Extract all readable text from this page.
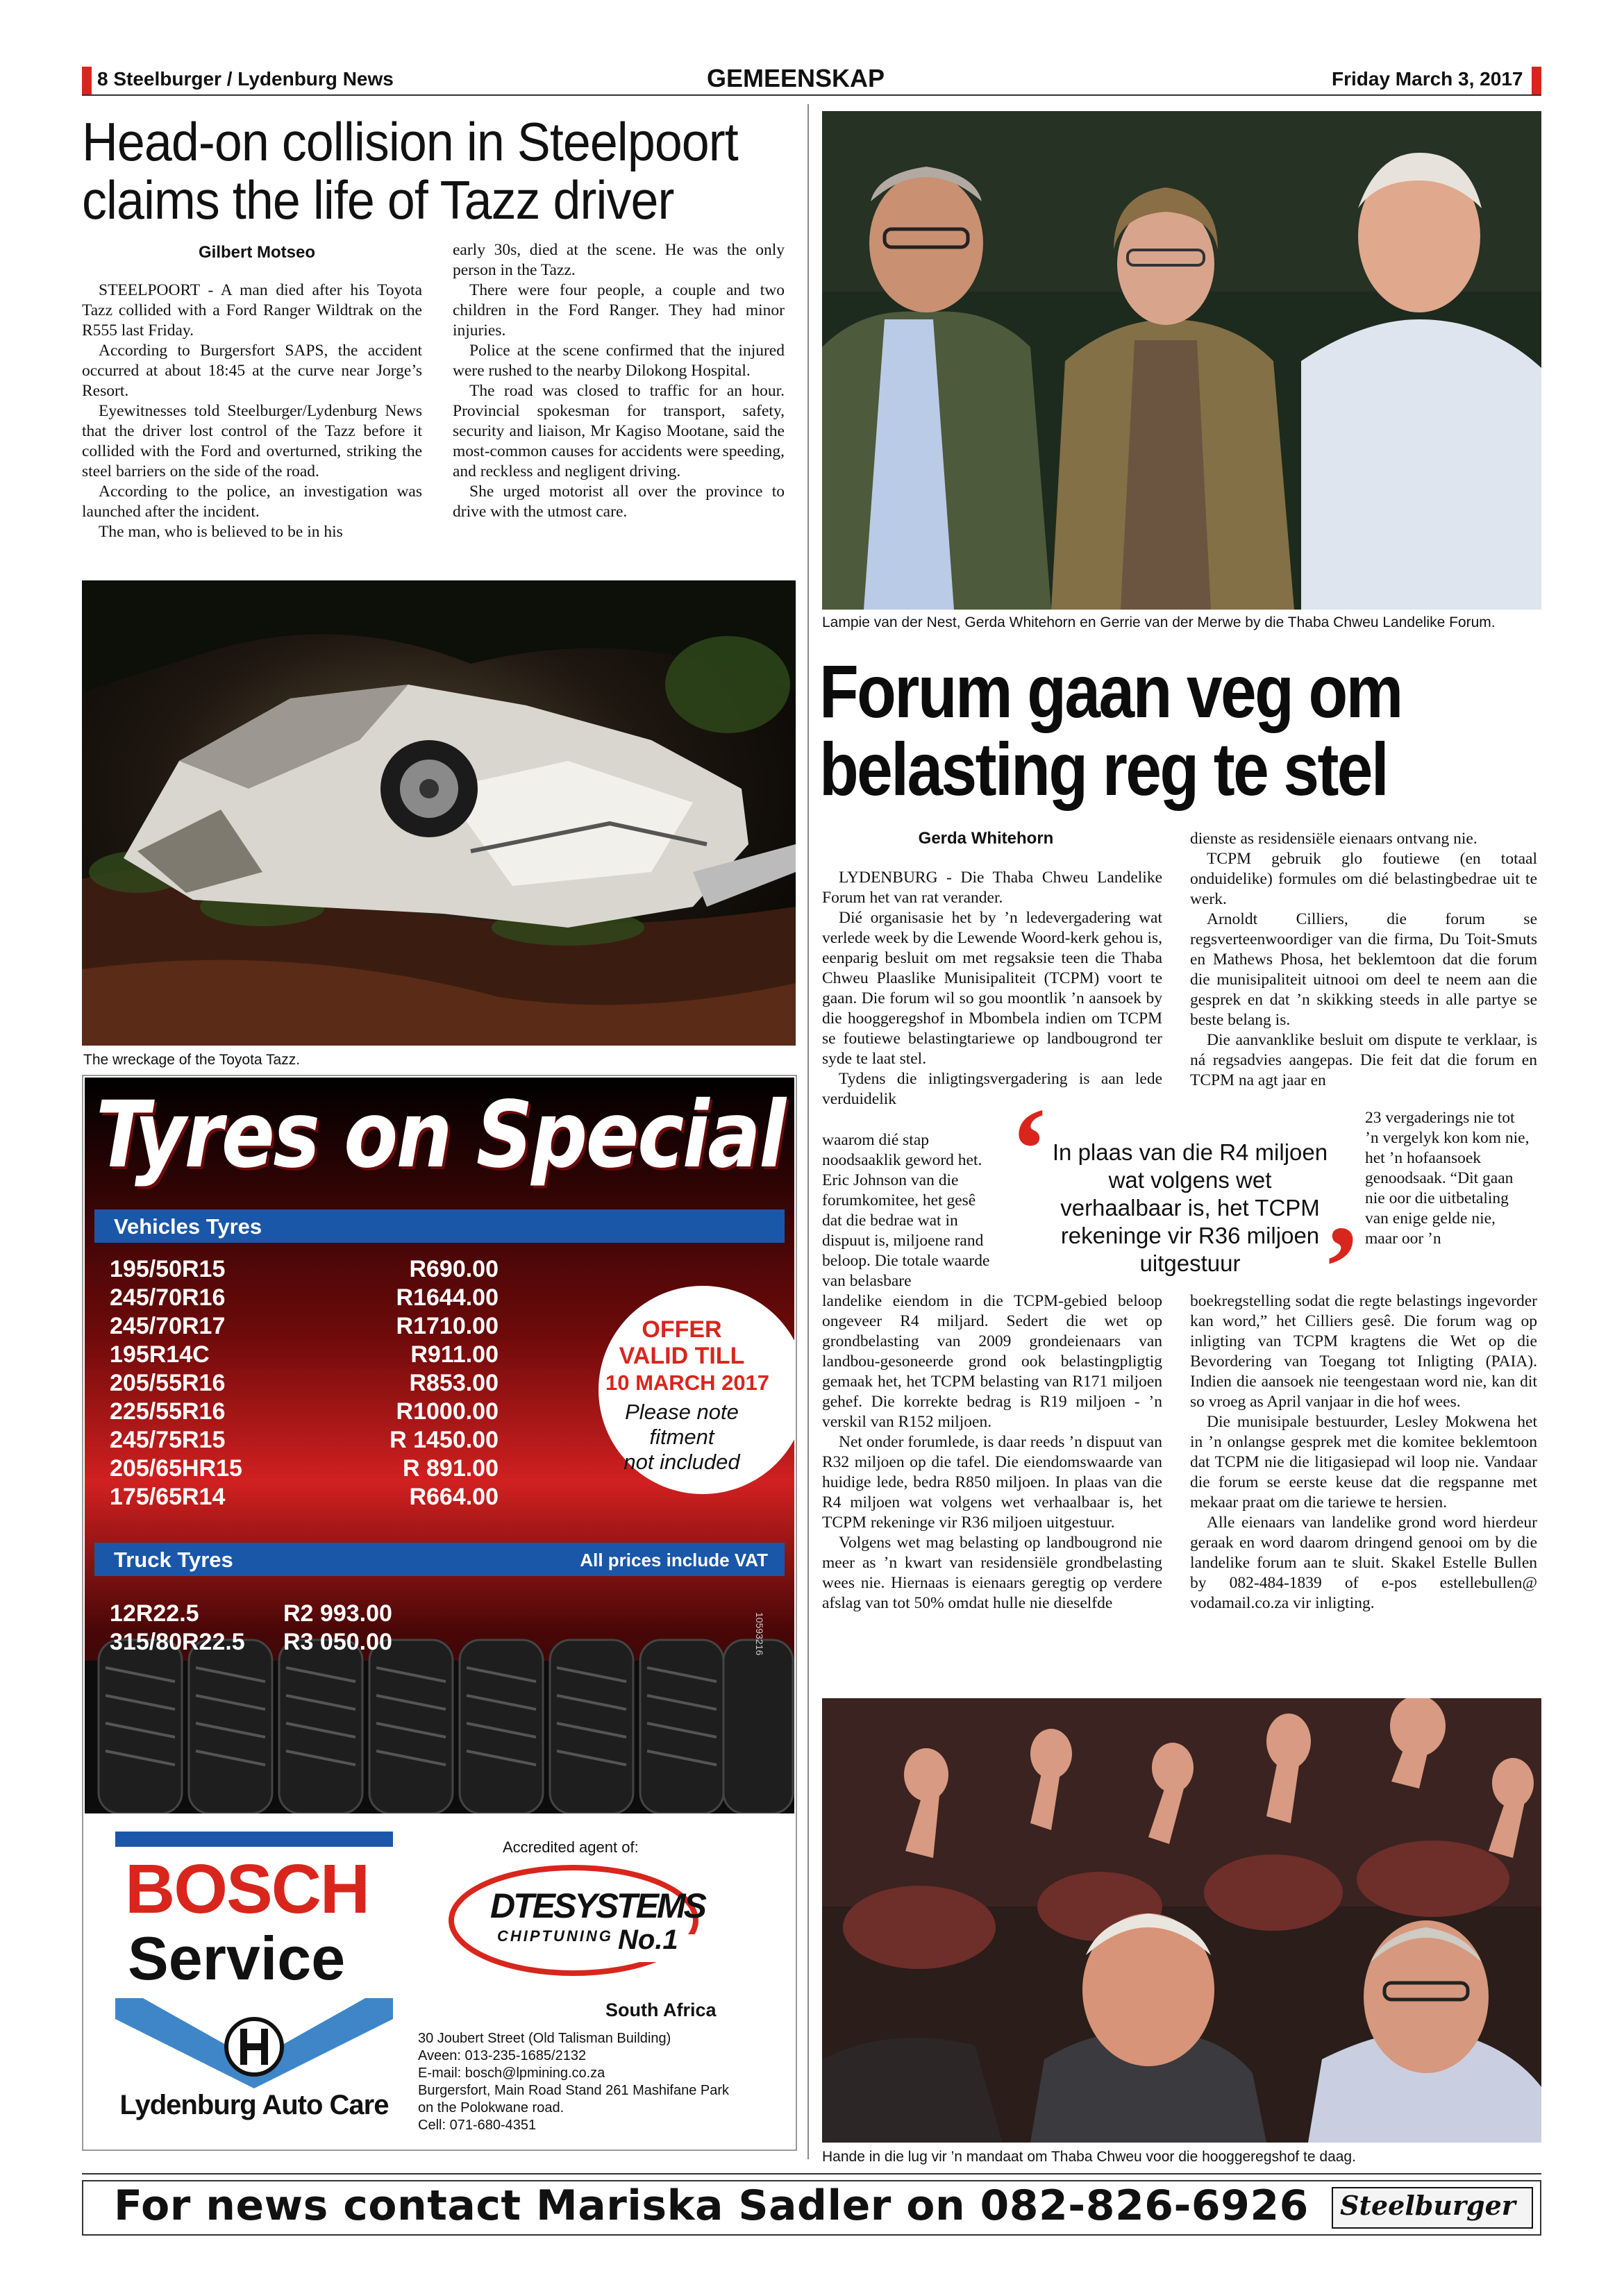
8 Steelburger / Lydenburg News	GEMEENSKAP	Friday March 3, 2017
Head-on collision in Steelpoort
claims the life of Tazz driver
Gilbert Motseo

STEELPOORT - A man died after his Toyota Tazz collided with a Ford Ranger Wildtrak on the R555 last Friday.

According to Burgersfort SAPS, the accident occurred at about 18:45 at the curve near Jorge’s Resort.

Eyewitnesses told Steelburger/Lydenburg News that the driver lost control of the Tazz before it collided with the Ford and overturned, striking the steel barriers on the side of the road.

According to the police, an investigation was launched after the incident.

The man, who is believed to be in his

early 30s, died at the scene. He was the only person in the Tazz.

There were four people, a couple and two children in the Ford Ranger. They had minor injuries.

Police at the scene confirmed that the injured were rushed to the nearby Dilokong Hospital.

The road was closed to traffic for an hour. Provincial spokesman for transport, safety, security and liaison, Mr Kagiso Mootane, said the most-common causes for accidents were speeding, and reckless and negligent driving.

She urged motorist all over the province to drive with the utmost care.

The wreckage of the Toyota Tazz.
Tyres on Special
Vehicles Tyres
195/50R15	R690.00
245/70R16	R1644.00
245/70R17	R1710.00
195R14C	R911.00
205/55R16	R853.00
225/55R16	R1000.00
245/75R15	R 1450.00
205/65HR15	R 891.00
175/65R14	R664.00
OFFER
VALID TILL
10 MARCH 2017
Please note
fitment
not included
Truck Tyres	All prices include VAT
12R22.5	R2 993.00
315/80R22.5 R3 050.00	10593216
BOSCH
Service
Lydenburg Auto Care
Accredited agent of:
DTESYSTEMS
CHIPTUNING No.1
South Africa
30 Joubert Street (Old Talisman Building)
Aveen: 013-235-1685/2132
E-mail: bosch@lpmining.co.za
Burgersfort, Main Road Stand 261 Mashifane Park
on the Polokwane road.
Cell: 071-680-4351
Lampie van der Nest, Gerda Whitehorn en Gerrie van der Merwe by die Thaba Chweu Landelike Forum.
Forum gaan veg om
belasting reg te stel
Gerda Whitehorn

LYDENBURG - Die Thaba Chweu Landelike Forum het van rat verander.

Dié organisasie het by ’n ledevergadering wat verlede week by die Lewende Woord-kerk gehou is, eenparig besluit om met regsaksie teen die Thaba Chweu Plaaslike Munisipaliteit (TCPM) voort te gaan. Die forum wil so gou moontlik ’n aansoek by die hooggeregshof in Mbombela indien om TCPM se foutiewe belastingtariewe op landbougrond ter syde te laat stel.

Tydens die inligtingsvergadering is aan lede verduidelik

waarom dié stap noodsaaklik geword het. Eric Johnson van die forumkomitee, het gesê dat die bedrae wat in dispuut is, miljoene rand beloop. Die totale waarde van belasbare

landelike eiendom in die TCPM-gebied beloop ongeveer R4 miljard. Sedert die wet op grondbelasting van 2009 grondeienaars van landbou-gesoneerde grond ook belastingpligtig gemaak het, het TCPM belasting van R171 miljoen gehef. Die korrekte bedrag is R19 miljoen - ’n verskil van R152 miljoen.

Net onder forumlede, is daar reeds ’n dispuut van R32 miljoen op die tafel. Die eiendomswaarde van huidige lede, bedra R850 miljoen. In plaas van die R4 miljoen wat volgens wet verhaalbaar is, het TCPM rekeninge vir R36 miljoen uitgestuur.

Volgens wet mag belasting op landbougrond nie meer as ’n kwart van residensiële grondbelasting wees nie. Hiernaas is eienaars geregtig op verdere afslag van tot 50% omdat hulle nie dieselfde

dienste as residensiële eienaars ontvang nie.

TCPM gebruik glo foutiewe (en totaal onduidelike) formules om dié belastingbedrae uit te werk.

Arnoldt Cilliers, die forum se regsverteenwoordiger van die firma, Du Toit-Smuts en Mathews Phosa, het beklemtoon dat die forum die munisipaliteit uitnooi om deel te neem aan die gesprek en dat ’n skikking steeds in alle partye se beste belang is.

Die aanvanklike besluit om dispute te verklaar, is ná regsadvies aangepas. Die feit dat die forum en TCPM na agt jaar en

23 vergaderings nie tot ’n vergelyk kon kom nie, het ’n hofaansoek genoodsaak. “Dit gaan nie oor die uitbetaling van enige gelde nie, maar oor ’n

boekregstelling sodat die regte belastings ingevorder kan word,” het Cilliers gesê. Die forum wag op inligting van TCPM kragtens die Wet op die Bevordering van Toegang tot Inligting (PAIA). Indien die aansoek nie teengestaan word nie, kan dit so vroeg as April vanjaar in die hof wees.

Die munisipale bestuurder, Lesley Mokwena het in ’n onlangse gesprek met die komitee beklemtoon dat TCPM nie die litigasiepad wil loop nie. Vandaar die forum se eerste keuse dat die regspanne met mekaar praat om die tariewe te hersien.

Alle eienaars van landelike grond word hierdeur geraak en word daarom dringend genooi om by die landelike forum aan te sluit. Skakel Estelle Bullen by 082-484-1839 of e-pos estellebullen@ vodamail.co.za vir inligting.

‘ In plaas van die R4 miljoen wat volgens wet verhaalbaar is, het TCPM rekeninge vir R36 miljoen uitgestuur ’
Hande in die lug vir ’n mandaat om Thaba Chweu voor die hooggeregshof te daag.
For news contact Mariska Sadler on 082-826-6926 Steelburger
